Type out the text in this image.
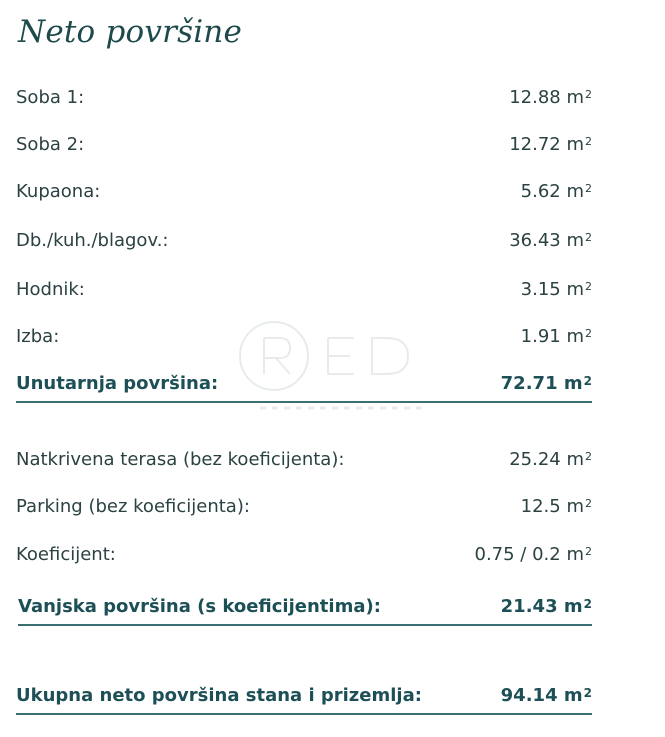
Neto površine
Soba 1:	12.88 $m^2$
Soba 2:	12.72 $m^2$
Kupaona:	5.62 $m^2$
Db./kuh./blagov.:	36.43 $m^2$
Hodnik:	3.15 $m^2$
Izba:	1.91 $m^2$
Unutarnja površina:	72.71 $m^2$
Natkrivena terasa (bez koeficijenta):	25.24 $m^2$
Parking (bez koeficijenta):	12.5 $m^2$
Koeficijent:	0.75 / 0.2 $m^2$
Vanjska površina (s koeficijentima):	21.43 $m^2$
Ukupna neto površina stana i prizemlja:	94.14 $m^2$
